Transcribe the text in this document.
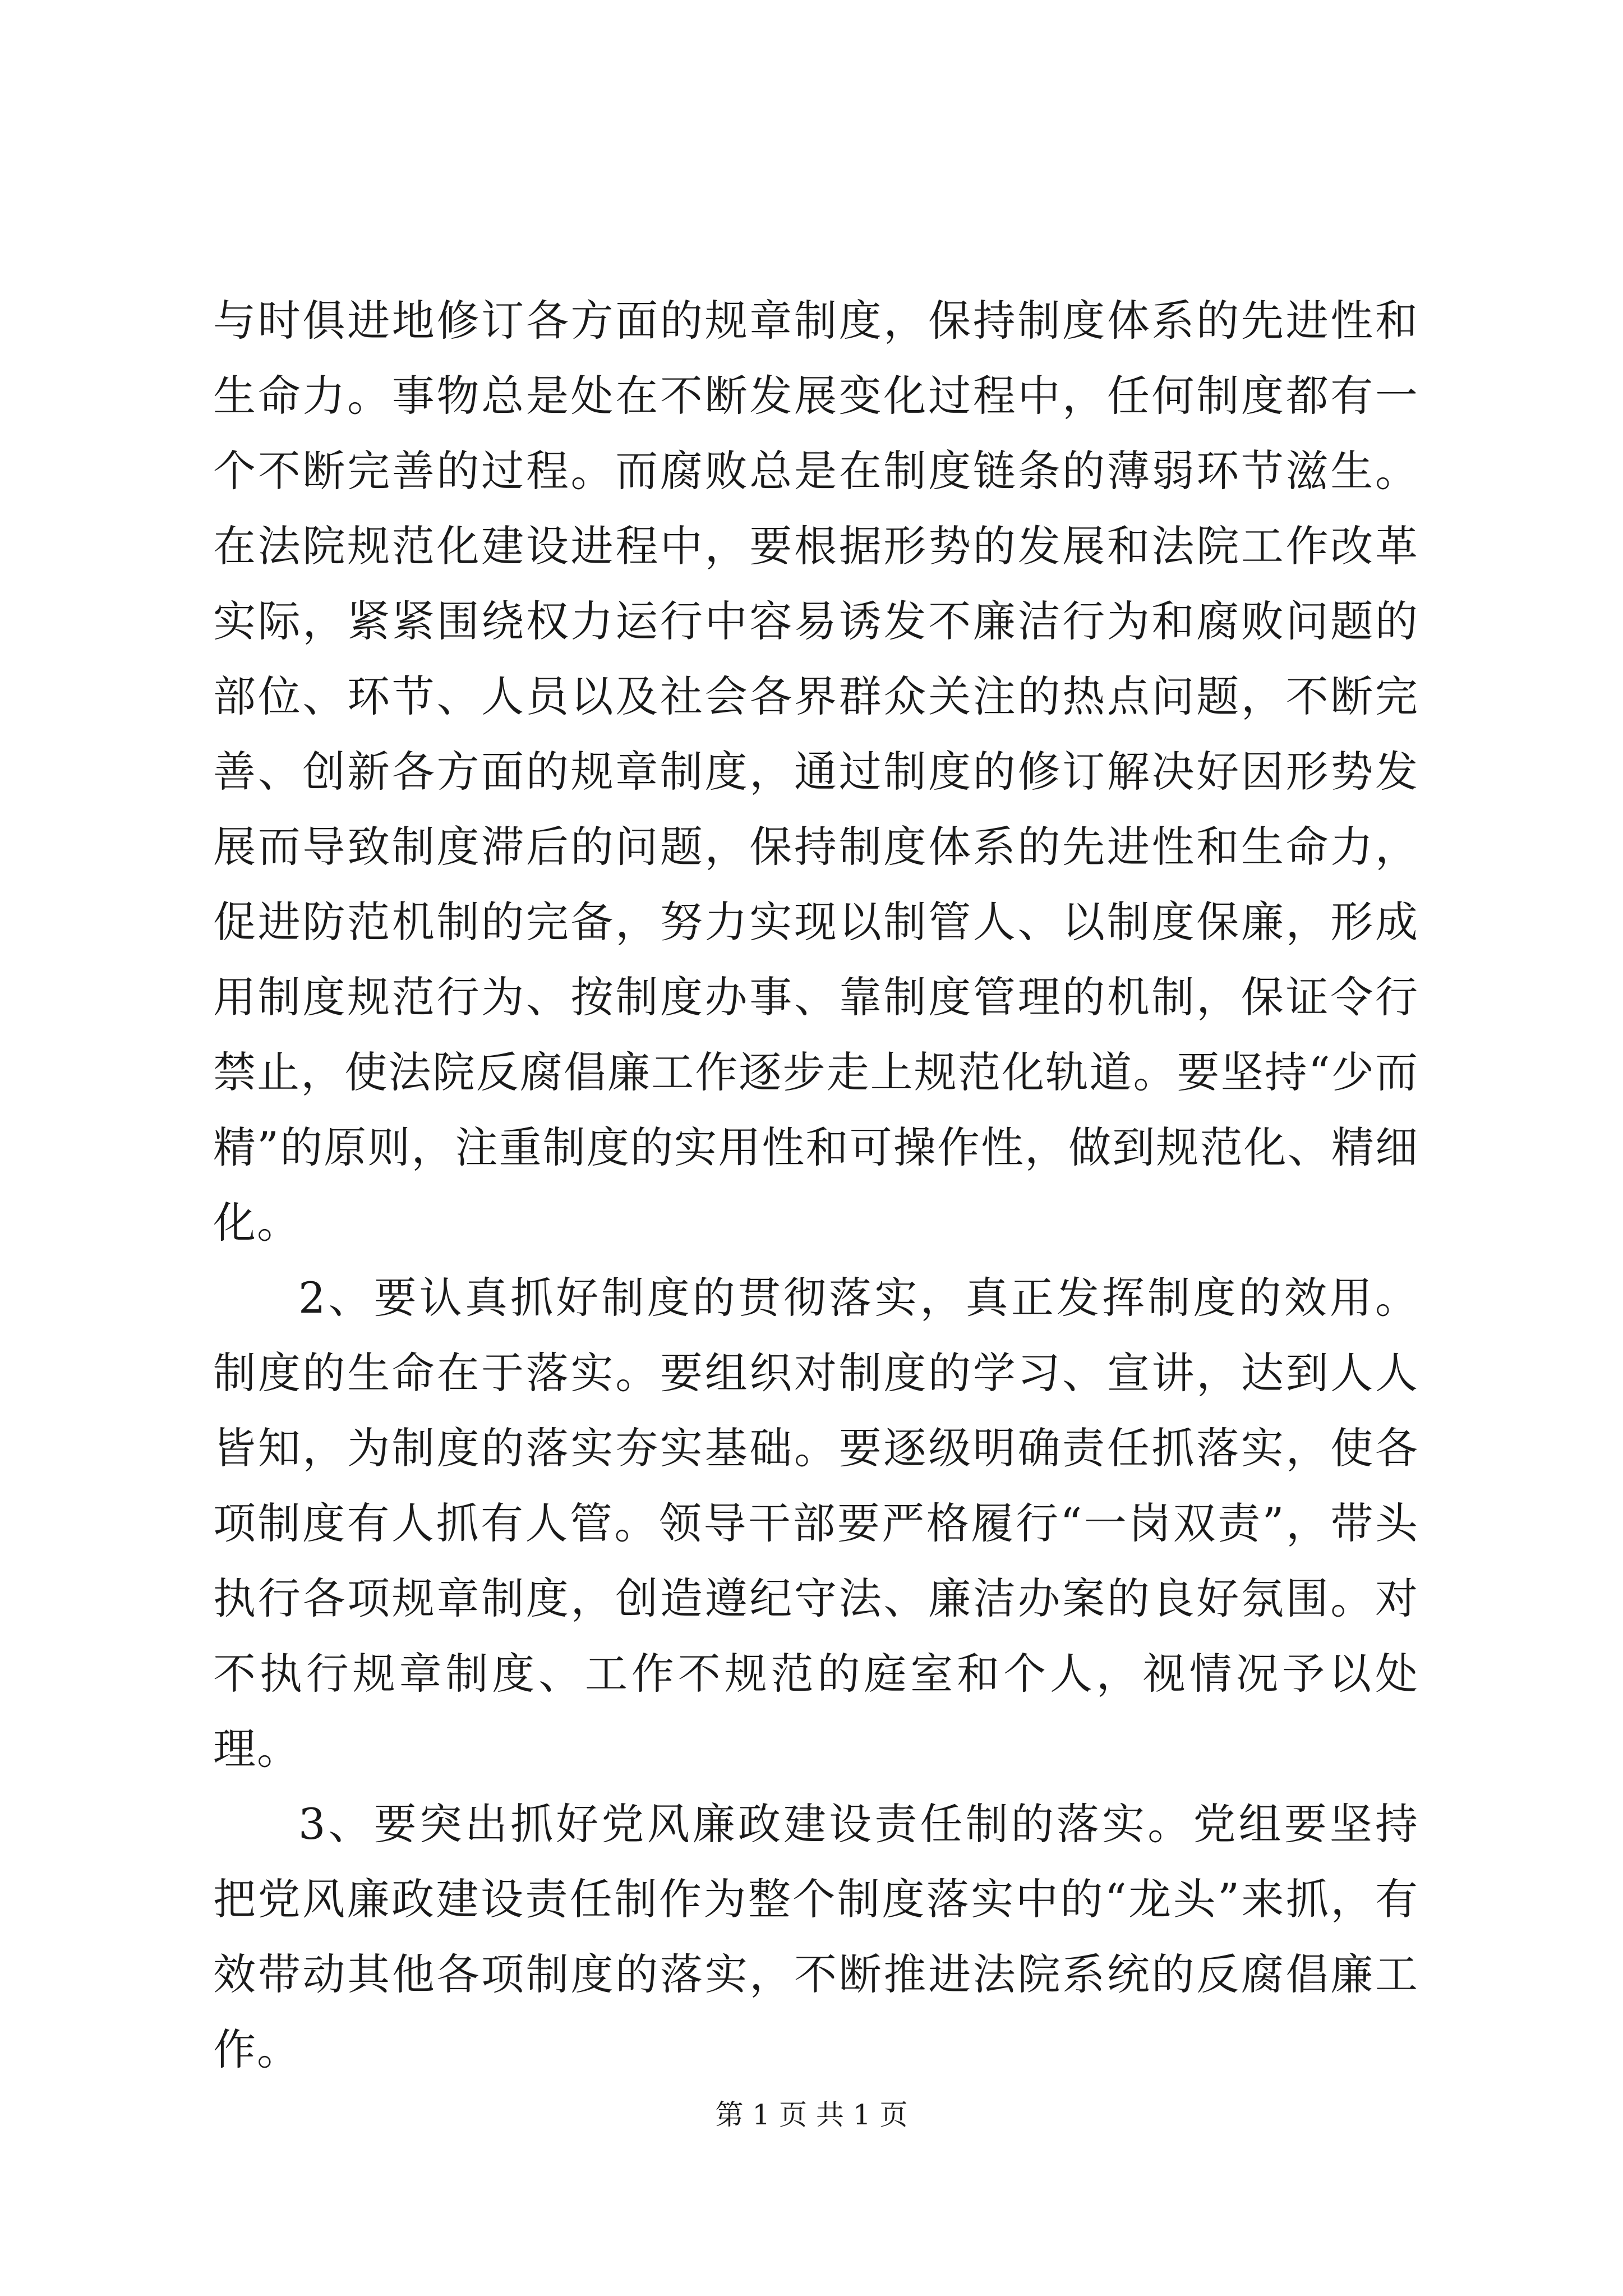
与时俱进地修订各方面的规章制度，保持制度体系的先进性和生命力。事物总是处在不断发展变化过程中，任何制度都有一个不断完善的过程。而腐败总是在制度链条的薄弱环节滋生。在法院规范化建设进程中，要根据形势的发展和法院工作改革实际，紧紧围绕权力运行中容易诱发不廉洁行为和腐败问题的部位、环节、人员以及社会各界群众关注的热点问题，不断完善、创新各方面的规章制度，通过制度的修订解决好因形势发展而导致制度滞后的问题，保持制度体系的先进性和生命力，促进防范机制的完备，努力实现以制管人、以制度保廉，形成用制度规范行为、按制度办事、靠制度管理的机制，保证令行禁止，使法院反腐倡廉工作逐步走上规范化轨道。要坚持“少而精”的原则，注重制度的实用性和可操作性，做到规范化、精细化。

2、要认真抓好制度的贯彻落实，真正发挥制度的效用。制度的生命在于落实。要组织对制度的学习、宣讲，达到人人皆知，为制度的落实夯实基础。要逐级明确责任抓落实，使各项制度有人抓有人管。领导干部要严格履行“一岗双责”，带头执行各项规章制度，创造遵纪守法、廉洁办案的良好氛围。对不执行规章制度、工作不规范的庭室和个人，视情况予以处理。

3、要突出抓好党风廉政建设责任制的落实。党组要坚持把党风廉政建设责任制作为整个制度落实中的“龙头”来抓，有效带动其他各项制度的落实，不断推进法院系统的反腐倡廉工作。

第 1 页 共 1 页
